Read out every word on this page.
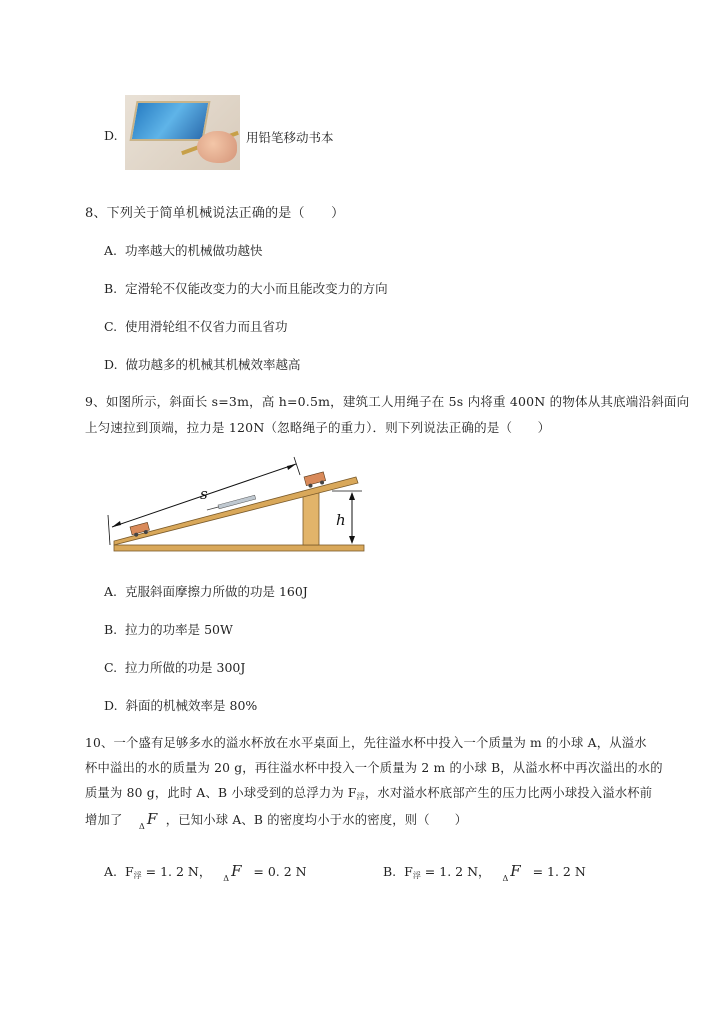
D.	用铅笔移动书本
8、下列关于简单机械说法正确的是（　　）
A. 功率越大的机械做功越快
B. 定滑轮不仅能改变力的大小而且能改变力的方向
C. 使用滑轮组不仅省力而且省功
D. 做功越多的机械其机械效率越高
9、如图所示，斜面长 s=3m，高 h=0.5m，建筑工人用绳子在 5s 内将重 400N 的物体从其底端沿斜面向
上匀速拉到顶端，拉力是 120N（忽略绳子的重力）．则下列说法正确的是（　　）
s
h
A. 克服斜面摩擦力所做的功是 160J
B. 拉力的功率是 50W
C. 拉力所做的功是 300J
D. 斜面的机械效率是 80%
10、一个盛有足够多水的溢水杯放在水平桌面上，先往溢水杯中投入一个质量为 m 的小球 A，从溢水
杯中溢出的水的质量为 20 g，再往溢水杯中投入一个质量为 2 m 的小球 B，从溢水杯中再次溢出的水的
质量为 80 g，此时 A、B 小球受到的总浮力为 $F_浮$，水对溢水杯底部产生的压力比两小球投入溢水杯前
增加了 $_\Delta$ F ，已知小球 A、B 的密度均小于水的密度，则（　　）
A. $F_浮 = 1$. 2 N， $_\Delta$ F = 0. 2 N	B. $F_浮 = 1$. 2 N， $_\Delta$ F = 1. 2 N
